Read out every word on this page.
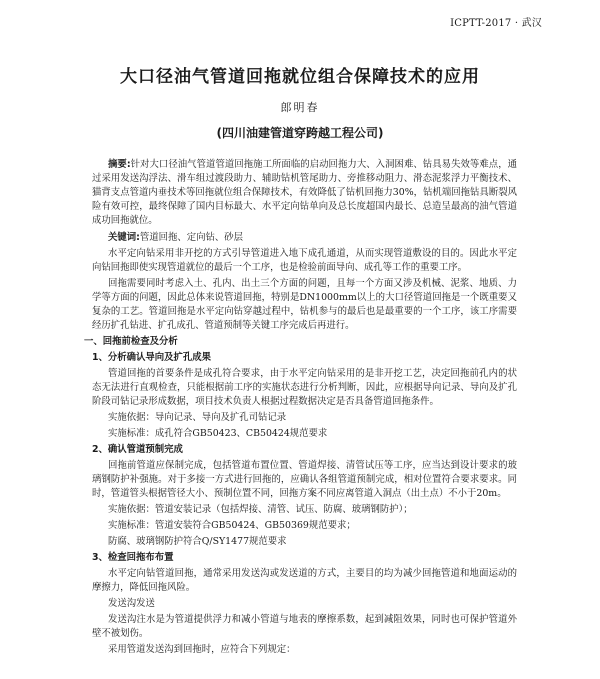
ICPTT-2017 · 武汉
大口径油气管道回拖就位组合保障技术的应用
郎明春
(四川油建管道穿跨越工程公司)

摘要:针对大口径油气管道管道回拖施工所面临的启动回拖力大、入洞困难、钻具易失效等难点，通过采用发送沟浮法、滑车组过渡段助力、辅助钻机管尾助力、旁推移动阻力、滑态泥浆浮力平衡技术、猫背支点管道内垂技术等回拖就位组合保障技术，有效降低了钻机回拖力30%，钻机端回拖钻具断裂风险有效可控，最终保障了国内目标最大、水平定向钻单向及总长度超国内最长、总造呈最高的油气管道成功回拖就位。

关键词:管道回拖、定向钻、砂层

水平定向钻采用非开挖的方式引导管道进入地下成孔通道，从而实现管道敷设的目的。因此水平定向钻回拖即使实现管道就位的最后一个工序，也是检验前面导向、成孔等工作的重要工序。

回拖需要同时考虑入土、孔内、出土三个方面的问题，且每一个方面又涉及机械、泥浆、地质、力学等方面的问题，因此总体来说管道回拖，特别是DN1000mm以上的大口径管道回拖是一个既重要又复杂的工艺。管道回拖是水平定向钻穿越过程中，钻机参与的最后也是最重要的一个工序，该工序需要经历扩孔钻进、扩孔成孔、管道预制等关键工序完成后再进行。

一、回拖前检查及分析

1、分析确认导向及扩孔成果

管道回拖的首要条件是成孔符合要求，由于水平定向钻采用的是非开挖工艺，决定回拖前孔内的状态无法进行直观检查，只能根据前工序的实施状态进行分析判断，因此，应根据导向记录、导向及扩孔阶段司钻记录形成数据，项目技术负责人根据过程数据决定是否具备管道回拖条件。

实施依据：导向记录、导向及扩孔司钻记录

实施标准：成孔符合GB50423、CB50424规范要求

2、确认管道预制完成

回拖前管道应保制完成，包括管道布置位置、管道焊接、清管试压等工序，应当达到设计要求的玻璃钢防护补强施。对于多接一方式进行回拖的，应确认各组管道预制完成，相对位置符合要求要求。同时，管道管头根据管径大小、预制位置不同，回拖方案不同应离管道入洞点（出土点）不小于20m。

实施依据：管道安装记录（包括焊接、清管、试压、防腐、玻璃钢防护）；

实施标准：管道安装符合GB50424、GB50369规范要求；

防腐、玻璃钢防护符合Q/SY1477规范要求

3、检查回拖布布置

水平定向钻管道回拖，通常采用发送沟或发送道的方式，主要目的均为减少回拖管道和地面运动的摩擦力，降低回拖风险。

发送沟发送

发送沟注水是为管道提供浮力和减小管道与地表的摩擦系数，起到减阻效果，同时也可保护管道外壁不被划伤。

采用管道发送沟到回拖时，应符合下列规定：
